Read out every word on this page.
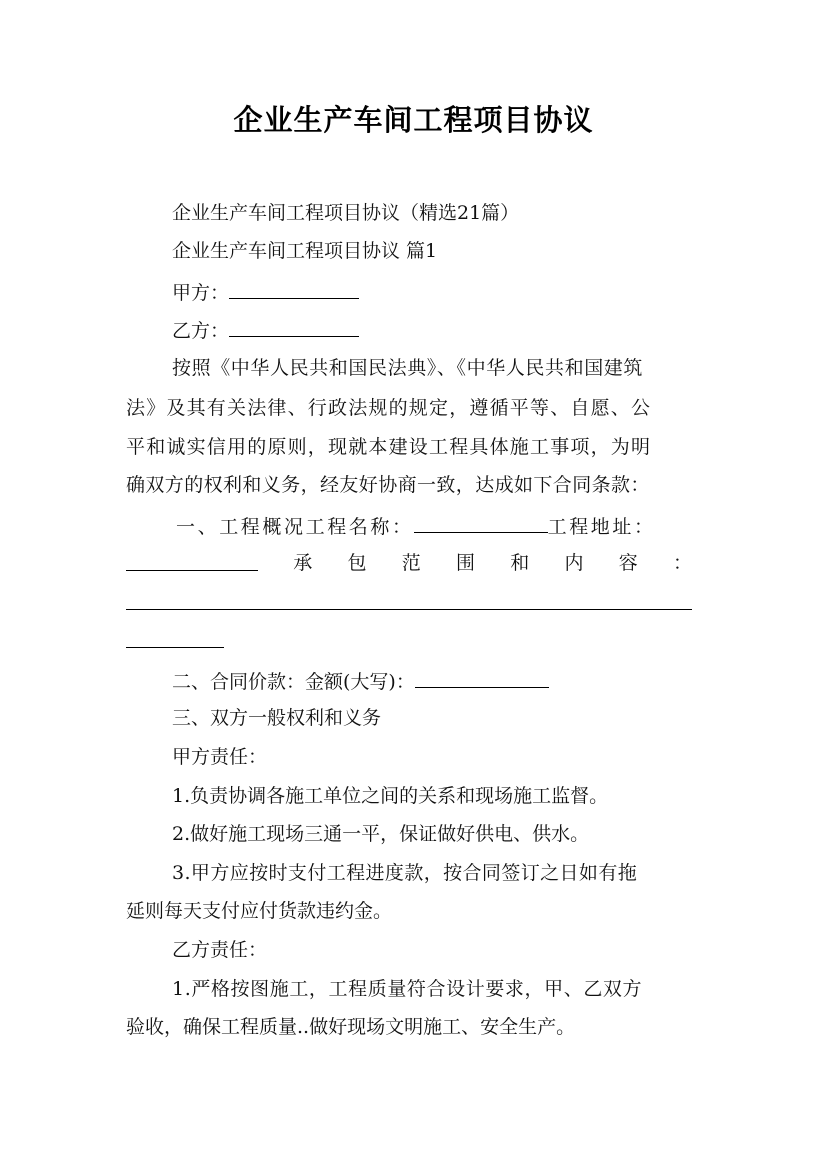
企业生产车间工程项目协议
企业生产车间工程项目协议（精选21篇）
企业生产车间工程项目协议 篇1
甲方：
乙方：
按照《中华人民共和国民法典》、《中华人民共和国建筑
法》及其有关法律、行政法规的规定，遵循平等、自愿、公
平和诚实信用的原则，现就本建设工程具体施工事项，为明
确双方的权利和义务，经友好协商一致，达成如下合同条款：
一、工程概况工程名称：	工程地址：
承 包 范 围 和 内 容 ：
二、合同价款：金额(大写)：
三、双方一般权利和义务
甲方责任：
1.负责协调各施工单位之间的关系和现场施工监督。
2.做好施工现场三通一平，保证做好供电、供水。
3.甲方应按时支付工程进度款，按合同签订之日如有拖
延则每天支付应付货款违约金。
乙方责任：
1.严格按图施工，工程质量符合设计要求，甲、乙双方
验收，确保工程质量..做好现场文明施工、安全生产。
